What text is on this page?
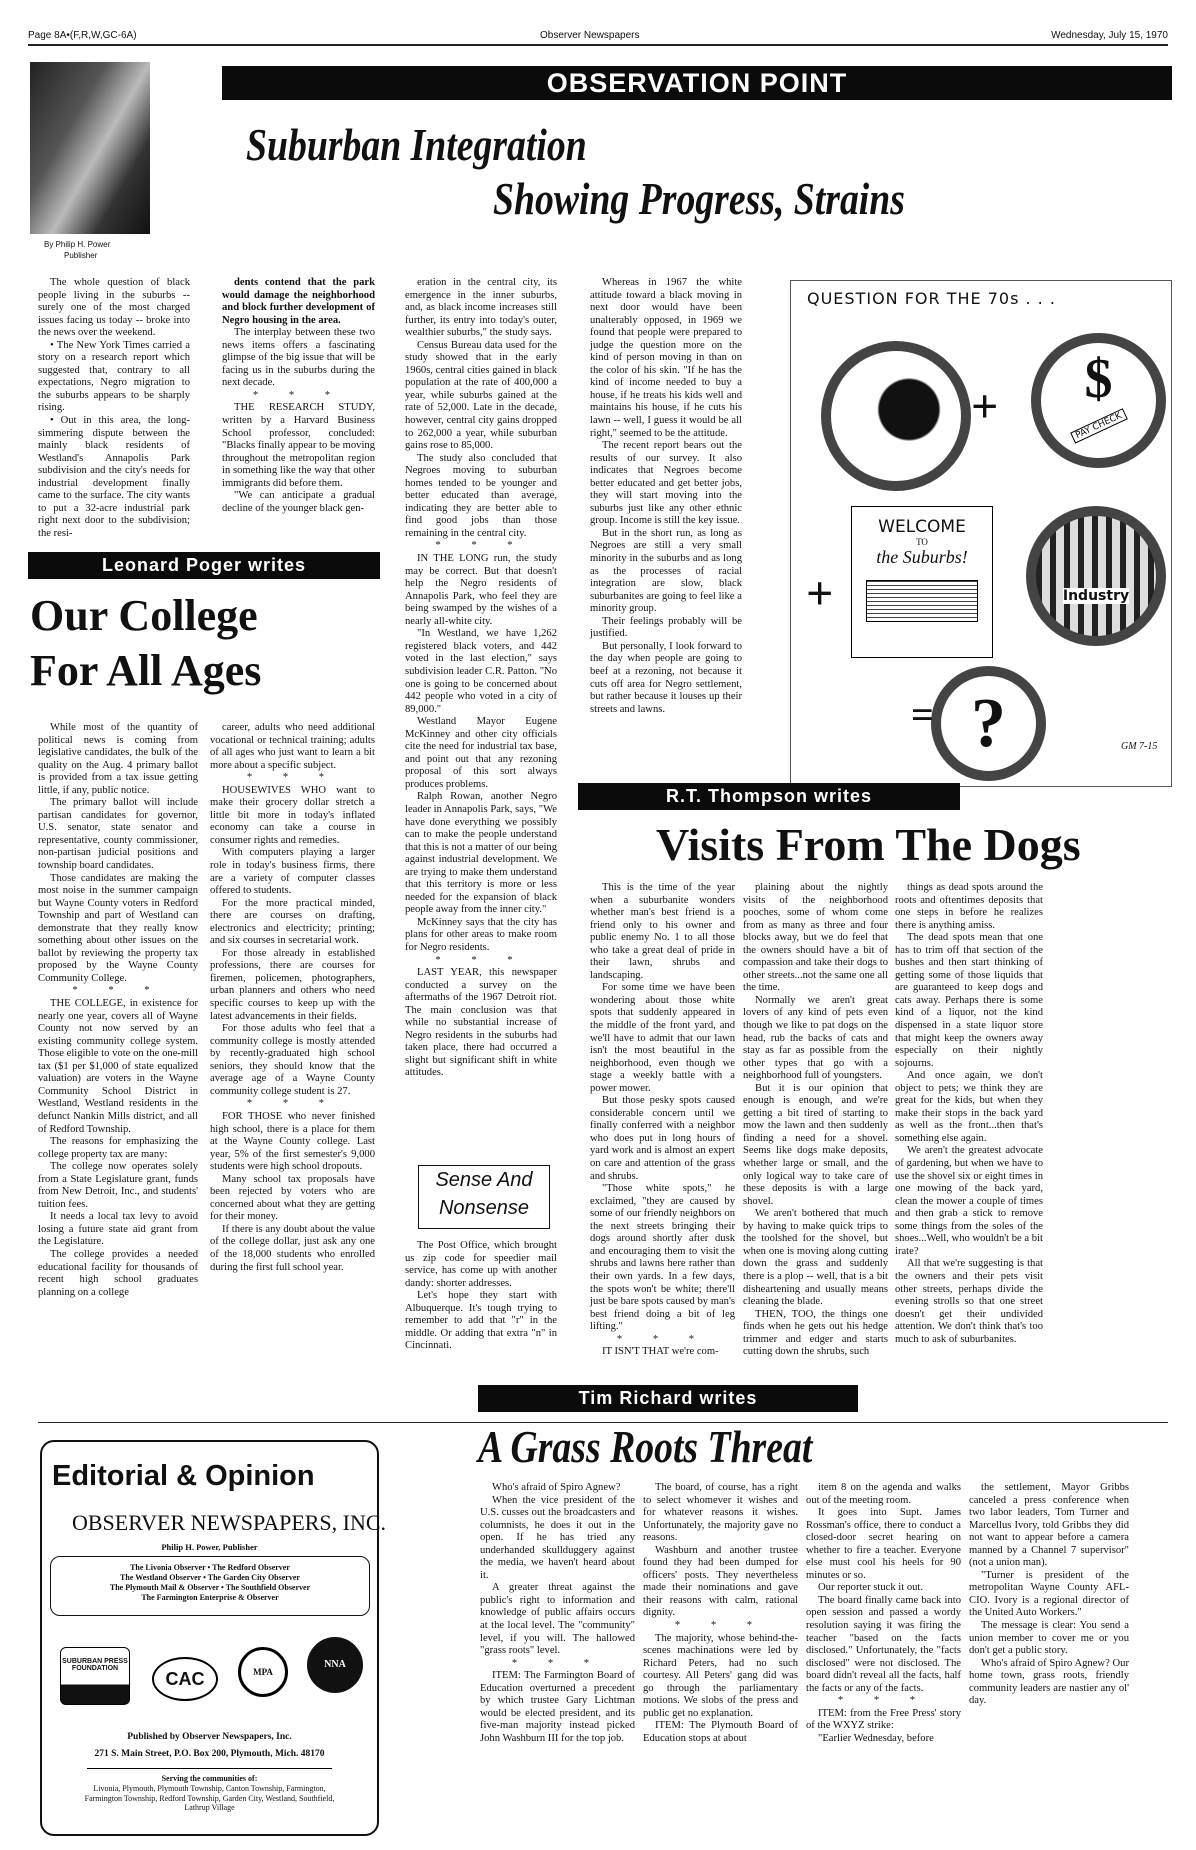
Page 8A•(F,R,W,GC-6A)	Observer Newspapers	Wednesday, July 15, 1970
By Philip H. Power
Publisher
OBSERVATION POINT
Suburban Integration
Showing Progress, Strains

The whole question of black people living in the suburbs -- surely one of the most charged issues facing us today -- broke into the news over the weekend.

• The New York Times carried a story on a research report which suggested that, contrary to all expectations, Negro migration to the suburbs appears to be sharply rising.

• Out in this area, the long-simmering dispute between the mainly black residents of Westland's Annapolis Park subdivision and the city's needs for industrial development finally came to the surface. The city wants to put a 32-acre industrial park right next door to the subdivision; the resi-

dents contend that the park would damage the neighborhood and block further development of Negro housing in the area.

The interplay between these two news items offers a fascinating glimpse of the big issue that will be facing us in the suburbs during the next decade.

* * *

THE RESEARCH STUDY, written by a Harvard Business School professor, concluded: "Blacks finally appear to be moving throughout the metropolitan region in something like the way that other immigrants did before them.

"We can anticipate a gradual decline of the younger black gen-

eration in the central city, its emergence in the inner suburbs, and, as black income increases still further, its entry into today's outer, wealthier suburbs," the study says.

Census Bureau data used for the study showed that in the early 1960s, central cities gained in black population at the rate of 400,000 a year, while suburbs gained at the rate of 52,000. Late in the decade, however, central city gains dropped to 262,000 a year, while suburban gains rose to 85,000.

The study also concluded that Negroes moving to suburban homes tended to be younger and better educated than average, indicating they are better able to find good jobs than those remaining in the central city.

* * *

IN THE LONG run, the study may be correct. But that doesn't help the Negro residents of Annapolis Park, who feel they are being swamped by the wishes of a nearly all-white city.

"In Westland, we have 1,262 registered black voters, and 442 voted in the last election," says subdivision leader C.R. Patton. "No one is going to be concerned about 442 people who voted in a city of 89,000."

Westland Mayor Eugene McKinney and other city officials cite the need for industrial tax base, and point out that any rezoning proposal of this sort always produces problems.

Ralph Rowan, another Negro leader in Annapolis Park, says, "We have done everything we possibly can to make the people understand that this is not a matter of our being against industrial development. We are trying to make them understand that this territory is more or less needed for the expansion of black people away from the inner city."

McKinney says that the city has plans for other areas to make room for Negro residents.

* * *

LAST YEAR, this newspaper conducted a survey on the aftermaths of the 1967 Detroit riot. The main conclusion was that while no substantial increase of Negro residents in the suburbs had taken place, there had occurred a slight but significant shift in white attitudes.

Whereas in 1967 the white attitude toward a black moving in next door would have been unalterably opposed, in 1969 we found that people were prepared to judge the question more on the kind of person moving in than on the color of his skin. "If he has the kind of income needed to buy a house, if he treats his kids well and maintains his house, if he cuts his lawn -- well, I guess it would be all right," seemed to be the attitude.

The recent report bears out the results of our survey. It also indicates that Negroes become better educated and get better jobs, they will start moving into the suburbs just like any other ethnic group. Income is still the key issue.

But in the short run, as long as Negroes are still a very small minority in the suburbs and as long as the processes of racial integration are slow, black suburbanites are going to feel like a minority group.

Their feelings probably will be justified.

But personally, I look forward to the day when people are going to beef at a rezoning, not because it cuts off area for Negro settlement, but rather because it louses up their streets and lawns.

QUESTION FOR THE 70s . . .
+	$
PAY CHECK
+
WELCOME
TO
the Suburbs!
Industry
?
=
GM 7-15
Leonard Poger writes
Our College
For All Ages

While most of the quantity of political news is coming from legislative candidates, the bulk of the quality on the Aug. 4 primary ballot is provided from a tax issue getting little, if any, public notice.

The primary ballot will include partisan candidates for governor, U.S. senator, state senator and representative, county commissioner, non-partisan judicial positions and township board candidates.

Those candidates are making the most noise in the summer campaign but Wayne County voters in Redford Township and part of Westland can demonstrate that they really know something about other issues on the ballot by reviewing the property tax proposed by the Wayne County Community College.

* * *

THE COLLEGE, in existence for nearly one year, covers all of Wayne County not now served by an existing community college system. Those eligible to vote on the one-mill tax ($1 per $1,000 of state equalized valuation) are voters in the Wayne Community School District in Westland, Westland residents in the defunct Nankin Mills district, and all of Redford Township.

The reasons for emphasizing the college property tax are many:

The college now operates solely from a State Legislature grant, funds from New Detroit, Inc., and students' tuition fees.

It needs a local tax levy to avoid losing a future state aid grant from the Legislature.

The college provides a needed educational facility for thousands of recent high school graduates planning on a college

career, adults who need additional vocational or technical training; adults of all ages who just want to learn a bit more about a specific subject.

* * *

HOUSEWIVES WHO want to make their grocery dollar stretch a little bit more in today's inflated economy can take a course in consumer rights and remedies.

With computers playing a larger role in today's business firms, there are a variety of computer classes offered to students.

For the more practical minded, there are courses on drafting, electronics and electricity; printing; and six courses in secretarial work.

For those already in established professions, there are courses for firemen, policemen, photographers, urban planners and others who need specific courses to keep up with the latest advancements in their fields.

For those adults who feel that a community college is mostly attended by recently-graduated high school seniors, they should know that the average age of a Wayne County community college student is 27.

* * *

FOR THOSE who never finished high school, there is a place for them at the Wayne County college. Last year, 5% of the first semester's 9,000 students were high school dropouts.

Many school tax proposals have been rejected by voters who are concerned about what they are getting for their money.

If there is any doubt about the value of the college dollar, just ask any one of the 18,000 students who enrolled during the first full school year.

Sense And
Nonsense

The Post Office, which brought us zip code for speedier mail service, has come up with another dandy: shorter addresses.

Let's hope they start with Albuquerque. It's tough trying to remember to add that "r" in the middle. Or adding that extra "n" in Cincinnati.

R.T. Thompson writes
Visits From The Dogs

This is the time of the year when a suburbanite wonders whether man's best friend is a friend only to his owner and public enemy No. 1 to all those who take a great deal of pride in their lawn, shrubs and landscaping.

For some time we have been wondering about those white spots that suddenly appeared in the middle of the front yard, and we'll have to admit that our lawn isn't the most beautiful in the neighborhood, even though we stage a weekly battle with a power mower.

But those pesky spots caused considerable concern until we finally conferred with a neighbor who does put in long hours of yard work and is almost an expert on care and attention of the grass and shrubs.

"Those white spots," he exclaimed, "they are caused by some of our friendly neighbors on the next streets bringing their dogs around shortly after dusk and encouraging them to visit the shrubs and lawns here rather than their own yards. In a few days, the spots won't be white; there'll just be bare spots caused by man's best friend doing a bit of leg lifting."

* * *

IT ISN'T THAT we're com-

plaining about the nightly visits of the neighborhood pooches, some of whom come from as many as three and four blocks away, but we do feel that the owners should have a bit of compassion and take their dogs to other streets...not the same one all the time.

Normally we aren't great lovers of any kind of pets even though we like to pat dogs on the head, rub the backs of cats and stay as far as possible from the other types that go with a neighborhood full of youngsters.

But it is our opinion that enough is enough, and we're getting a bit tired of starting to mow the lawn and then suddenly finding a need for a shovel. Seems like dogs make deposits, whether large or small, and the only logical way to take care of these deposits is with a large shovel.

We aren't bothered that much by having to make quick trips to the toolshed for the shovel, but when one is moving along cutting down the grass and suddenly there is a plop -- well, that is a bit disheartening and usually means cleaning the blade.

THEN, TOO, the things one finds when he gets out his hedge trimmer and edger and starts cutting down the shrubs, such

things as dead spots around the roots and oftentimes deposits that one steps in before he realizes there is anything amiss.

The dead spots mean that one has to trim off that section of the bushes and then start thinking of getting some of those liquids that are guaranteed to keep dogs and cats away. Perhaps there is some kind of a liquor, not the kind dispensed in a state liquor store that might keep the owners away especially on their nightly sojourns.

And once again, we don't object to pets; we think they are great for the kids, but when they make their stops in the back yard as well as the front...then that's something else again.

We aren't the greatest advocate of gardening, but when we have to use the shovel six or eight times in one mowing of the back yard, clean the mower a couple of times and then grab a stick to remove some things from the soles of the shoes...Well, who wouldn't be a bit irate?

All that we're suggesting is that the owners and their pets visit other streets, perhaps divide the evening strolls so that one street doesn't get their undivided attention. We don't think that's too much to ask of suburbanites.

Editorial & Opinion
OBSERVER NEWSPAPERS, INC.
Philip H. Power, Publisher
The Livonia Observer • The Redford Observer
The Westland Observer • The Garden City Observer
The Plymouth Mail & Observer • The Southfield Observer
The Farmington Enterprise & Observer
SUBURBAN PRESS FOUNDATION
CAC	MPA
NNA
Published by Observer Newspapers, Inc.
271 S. Main Street, P.O. Box 200, Plymouth, Mich. 48170
Serving the communities of:
Livonia, Plymouth, Plymouth Township, Canton Township, Farmington, Farmington Township, Redford Township, Garden City, Westland, Southfield, Lathrup Village
Tim Richard writes
A Grass Roots Threat

Who's afraid of Spiro Agnew?

When the vice president of the U.S. cusses out the broadcasters and columnists, he does it out in the open. If he has tried any underhanded skullduggery against the media, we haven't heard about it.

A greater threat against the public's right to information and knowledge of public affairs occurs at the local level. The "community" level, if you will. The hallowed "grass roots" level.

* * *

ITEM: The Farmington Board of Education overturned a precedent by which trustee Gary Lichtman would be elected president, and its five-man majority instead picked John Washburn III for the top job.

The board, of course, has a right to select whomever it wishes and for whatever reasons it wishes. Unfortunately, the majority gave no reasons.

Washburn and another trustee found they had been dumped for officers' posts. They nevertheless made their nominations and gave their reasons with calm, rational dignity.

* * *

The majority, whose behind-the-scenes machinations were led by Richard Peters, had no such courtesy. All Peters' gang did was go through the parliamentary motions. We slobs of the press and public get no explanation.

ITEM: The Plymouth Board of Education stops at about

item 8 on the agenda and walks out of the meeting room.

It goes into Supt. James Rossman's office, there to conduct a closed-door secret hearing on whether to fire a teacher. Everyone else must cool his heels for 90 minutes or so.

Our reporter stuck it out.

The board finally came back into open session and passed a wordy resolution saying it was firing the teacher "based on the facts disclosed." Unfortunately, the "facts disclosed" were not disclosed. The board didn't reveal all the facts, half the facts or any of the facts.

* * *

ITEM: from the Free Press' story of the WXYZ strike:

"Earlier Wednesday, before

the settlement, Mayor Gribbs canceled a press conference when two labor leaders, Tom Turner and Marcellus Ivory, told Gribbs they did not want to appear before a camera manned by a Channel 7 supervisor" (not a union man).

"Turner is president of the metropolitan Wayne County AFL-CIO. Ivory is a regional director of the United Auto Workers."

The message is clear: You send a union member to cover me or you don't get a public story.

Who's afraid of Spiro Agnew? Our home town, grass roots, friendly community leaders are nastier any ol' day.
